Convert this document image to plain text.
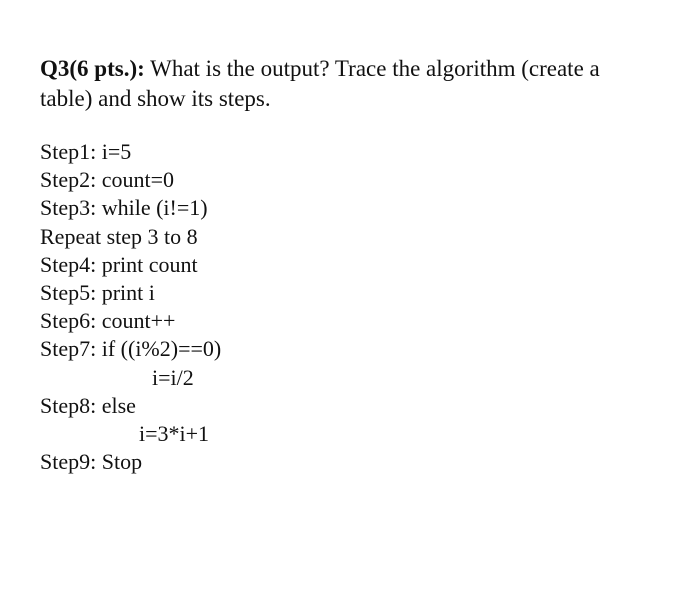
Q3(6 pts.): What is the output? Trace the algorithm (create a
table) and show its steps.
Step1: i=5
Step2: count=0
Step3: while (i!=1)
Repeat step 3 to 8
Step4: print count
Step5: print i
Step6: count++
Step7: if ((i%2)==0)
i=i/2
Step8: else
i=3*i+1
Step9: Stop
